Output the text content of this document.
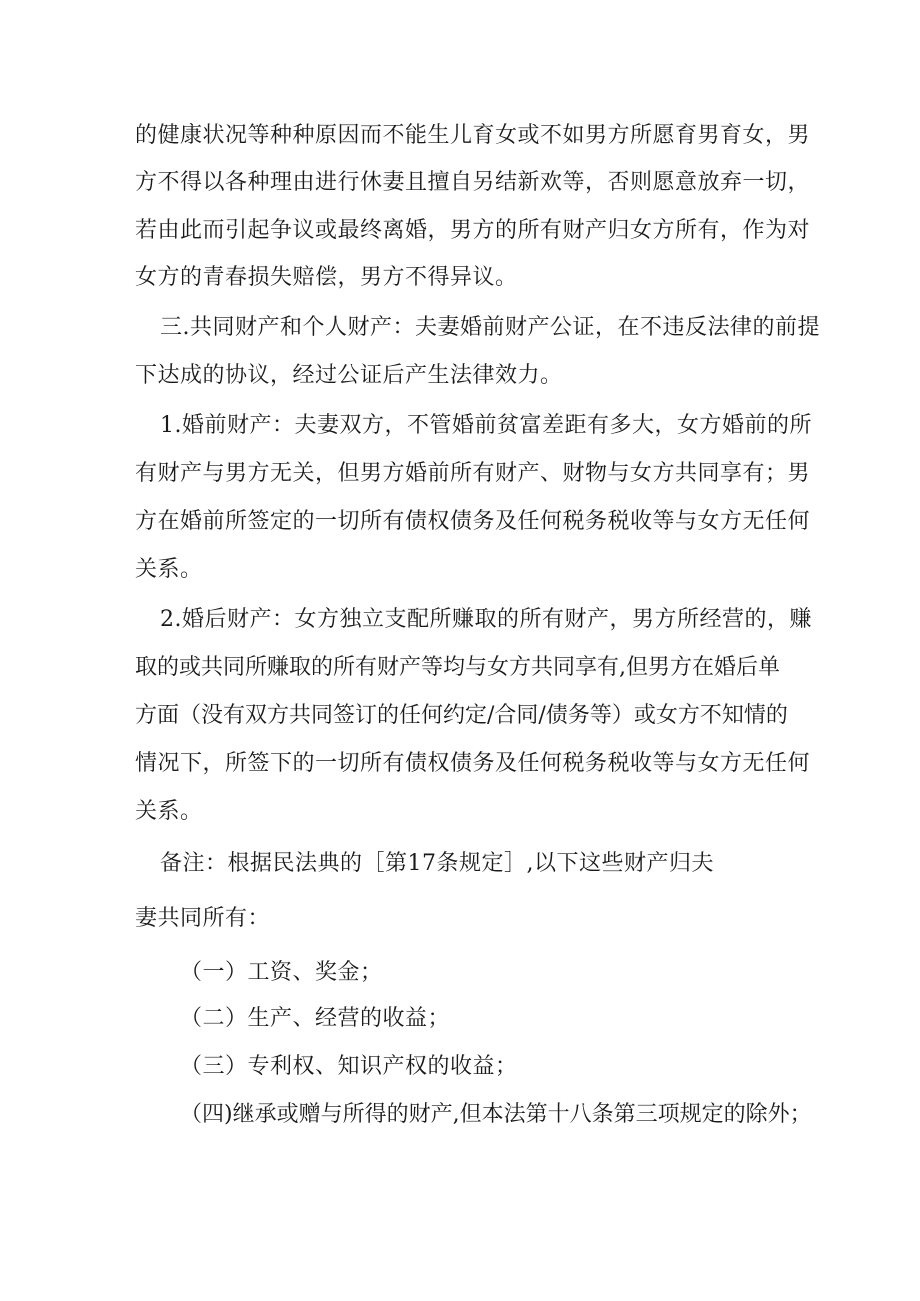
的健康状况等种种原因而不能生儿育女或不如男方所愿育男育女，男
方不得以各种理由进行休妻且擅自另结新欢等，否则愿意放弃一切，
若由此而引起争议或最终离婚，男方的所有财产归女方所有，作为对
女方的青春损失赔偿，男方不得异议。
三.共同财产和个人财产：夫妻婚前财产公证，在不违反法律的前提
下达成的协议，经过公证后产生法律效力。
1.婚前财产：夫妻双方，不管婚前贫富差距有多大，女方婚前的所
有财产与男方无关，但男方婚前所有财产、财物与女方共同享有；男
方在婚前所签定的一切所有债权债务及任何税务税收等与女方无任何
关系。
2.婚后财产：女方独立支配所赚取的所有财产，男方所经营的，赚
取的或共同所赚取的所有财产等均与女方共同享有,但男方在婚后单
方面（没有双方共同签订的任何约定/合同/债务等）或女方不知情的
情况下，所签下的一切所有债权债务及任何税务税收等与女方无任何
关系。
备注：根据民法典的［第17条规定］,以下这些财产归夫
妻共同所有：
（一）工资、奖金；
（二）生产、经营的收益；
（三）专利权、知识产权的收益；
（四)继承或赠与所得的财产,但本法第十八条第三项规定的除外；
